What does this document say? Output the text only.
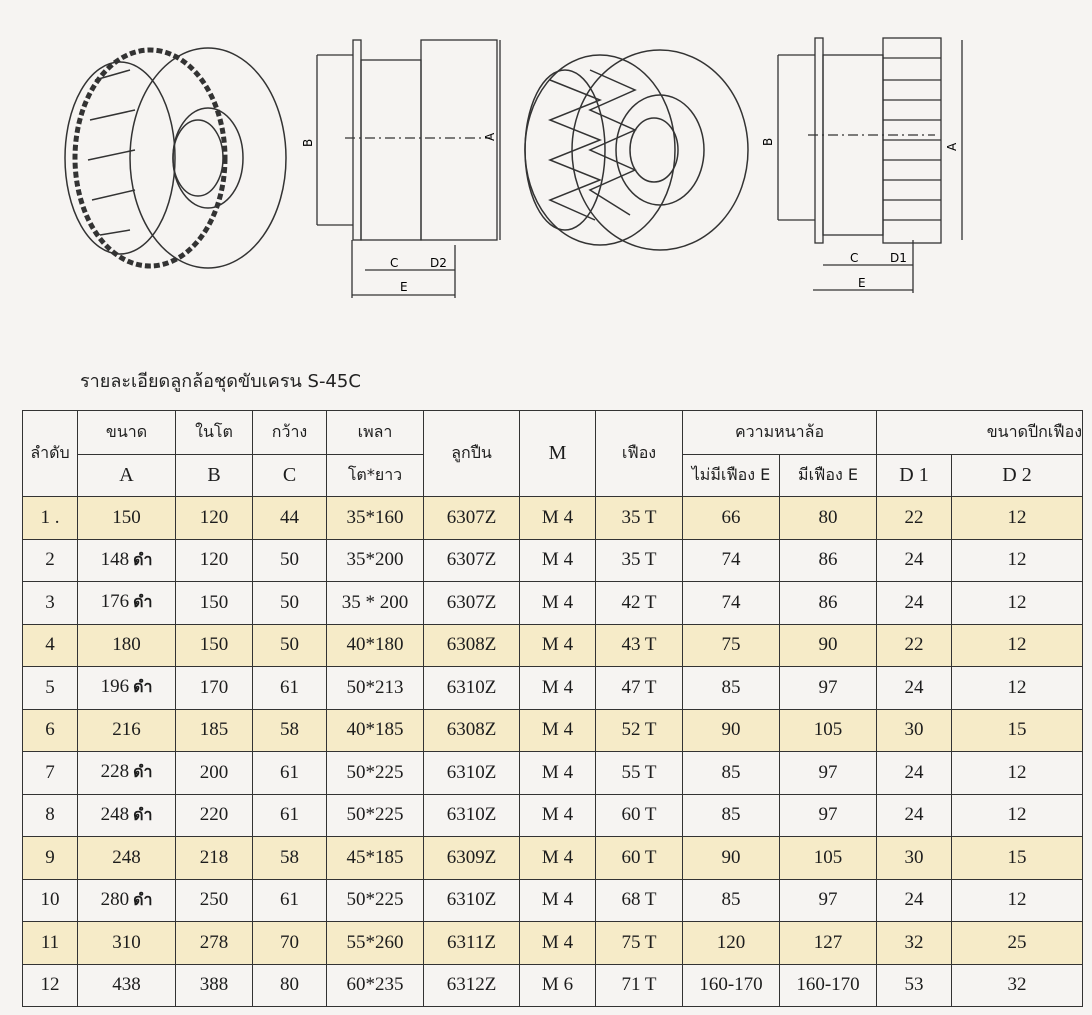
B
A
C	D2
E
B
A
C	D1
E
รายละเอียดลูกล้อชุดขับเครน S-45C
ลำดับ	ขนาด	ในโต	กว้าง	เพลา	ลูกปืน	M	เฟือง	ความหนาล้อ		ขนาดปีกเฟือง	
	A	B	C	โต*ยาว				ไม่มีเฟือง E	มีเฟือง E	D 1	D 2
1 .	150	120	44	35*160	6307Z	M 4	35 T	66	80	22	12
2	148 ดำ	120	50	35*200	6307Z	M 4	35 T	74	86	24	12
3	176 ดำ	150	50	35 * 200	6307Z	M 4	42 T	74	86	24	12
4	180	150	50	40*180	6308Z	M 4	43 T	75	90	22	12
5	196 ดำ	170	61	50*213	6310Z	M 4	47 T	85	97	24	12
6	216	185	58	40*185	6308Z	M 4	52 T	90	105	30	15
7	228 ดำ	200	61	50*225	6310Z	M 4	55 T	85	97	24	12
8	248 ดำ	220	61	50*225	6310Z	M 4	60 T	85	97	24	12
9	248	218	58	45*185	6309Z	M 4	60 T	90	105	30	15
10	280 ดำ	250	61	50*225	6310Z	M 4	68 T	85	97	24	12
11	310	278	70	55*260	6311Z	M 4	75 T	120	127	32	25
12	438	388	80	60*235	6312Z	M 6	71 T	160-170	160-170	53	32
